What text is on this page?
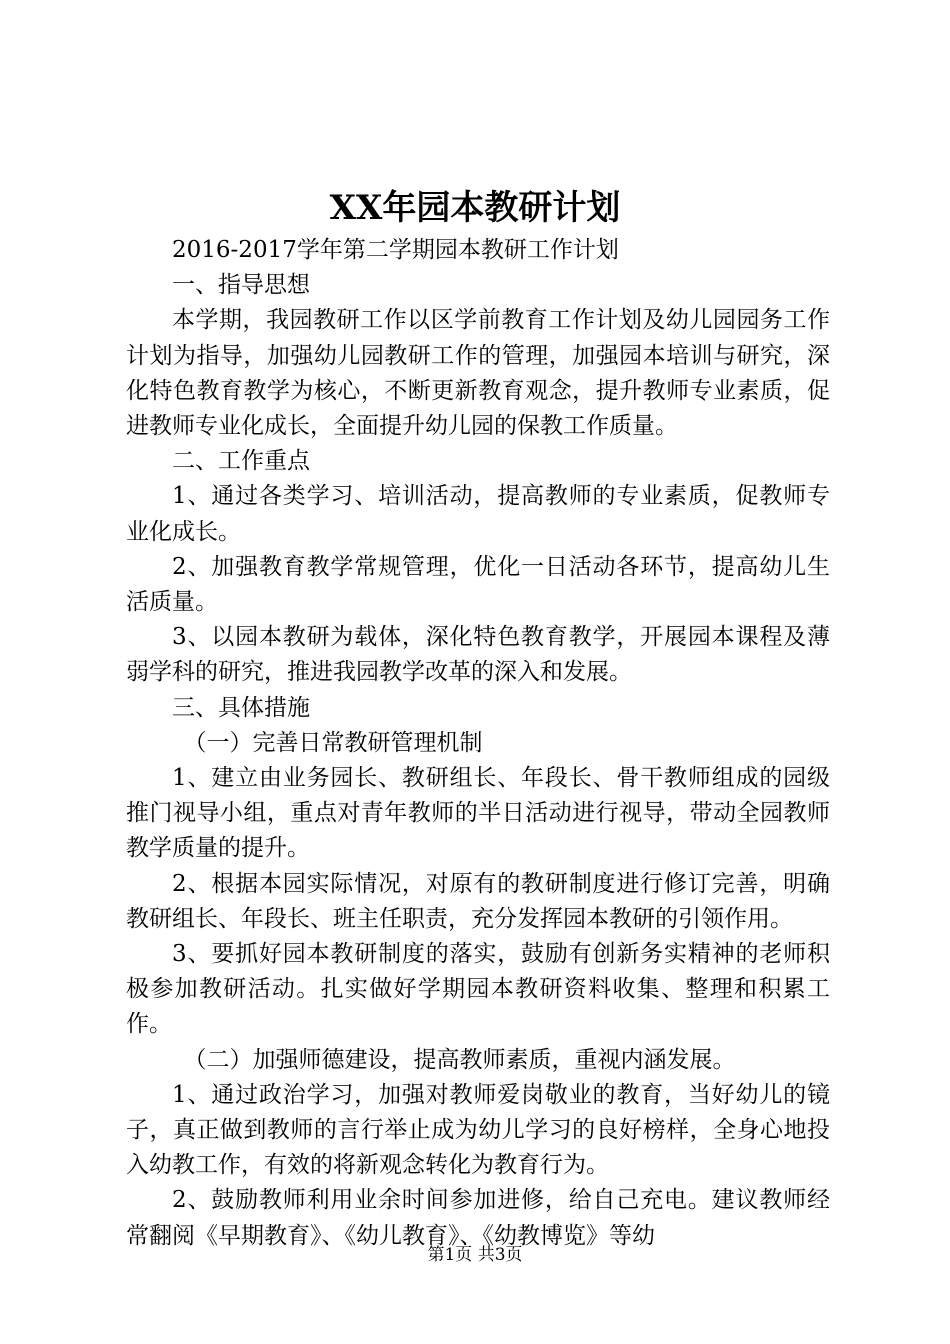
XX年园本教研计划

2016-2017学年第二学期园本教研工作计划

一、指导思想

本学期，我园教研工作以区学前教育工作计划及幼儿园园务工作计划为指导，加强幼儿园教研工作的管理，加强园本培训与研究，深化特色教育教学为核心，不断更新教育观念，提升教师专业素质，促进教师专业化成长，全面提升幼儿园的保教工作质量。

二、工作重点

1、通过各类学习、培训活动，提高教师的专业素质，促教师专业化成长。

2、加强教育教学常规管理，优化一日活动各环节，提高幼儿生活质量。

3、以园本教研为载体，深化特色教育教学，开展园本课程及薄弱学科的研究，推进我园教学改革的深入和发展。

三、具体措施

（一）完善日常教研管理机制

1、建立由业务园长、教研组长、年段长、骨干教师组成的园级推门视导小组，重点对青年教师的半日活动进行视导，带动全园教师教学质量的提升。

2、根据本园实际情况，对原有的教研制度进行修订完善，明确教研组长、年段长、班主任职责，充分发挥园本教研的引领作用。

3、要抓好园本教研制度的落实，鼓励有创新务实精神的老师积极参加教研活动。扎实做好学期园本教研资料收集、整理和积累工作。

（二）加强师德建设，提高教师素质，重视内涵发展。

1、通过政治学习，加强对教师爱岗敬业的教育，当好幼儿的镜子，真正做到教师的言行举止成为幼儿学习的良好榜样，全身心地投入幼教工作，有效的将新观念转化为教育行为。

2、鼓励教师利用业余时间参加进修，给自己充电。建议教师经常翻阅《早期教育》、《幼儿教育》、《幼教博览》等幼

第1页 共3页
